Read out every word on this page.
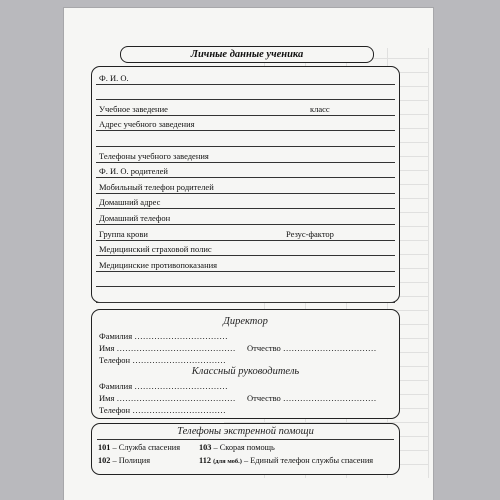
Личные данные ученика
Ф. И. О.
Учебное заведение	класс
Адрес учебного заведения
Телефоны учебного заведения
Ф. И. О. родителей
Мобильный телефон родителей
Домашний адрес
Домашний телефон
Группа крови	Резус-фактор
Медицинский страховой полис
Медицинские противопоказания
Директор
Фамилия ……………………………
Имя …………………………………… Отчество ……………………………
Телефон ……………………………
Классный руководитель
Фамилия ……………………………
Имя …………………………………… Отчество ……………………………
Телефон ……………………………
Телефоны экстренной помощи
101 – Служба спасения 103 – Скорая помощь
102 – Полиция	112 (для моб.) – Единый телефон службы спасения
